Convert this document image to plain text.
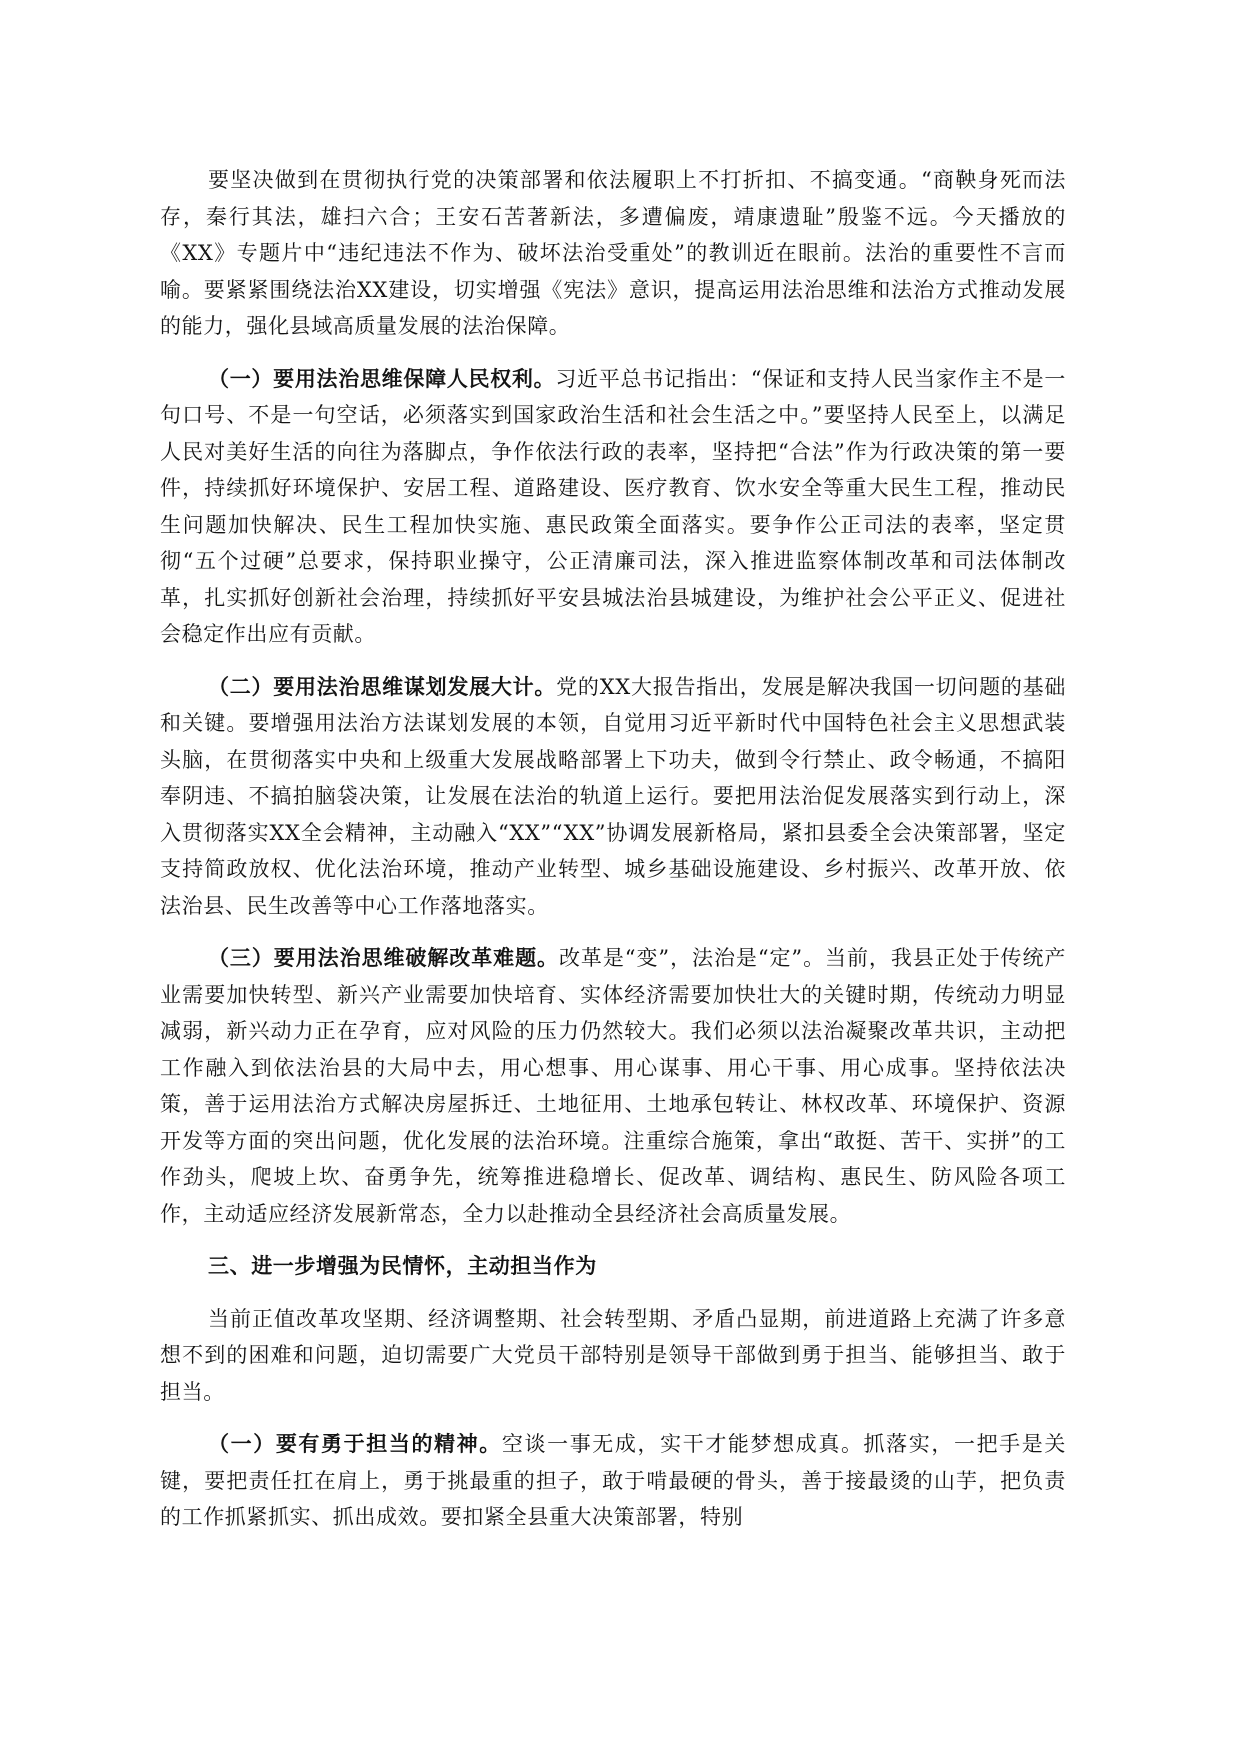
要坚决做到在贯彻执行党的决策部署和依法履职上不打折扣、不搞变通。“商鞅身死而法存，秦行其法，雄扫六合；王安石苦著新法，多遭偏废，靖康遗耻”殷鉴不远。今天播放的《XX》专题片中“违纪违法不作为、破坏法治受重处”的教训近在眼前。法治的重要性不言而喻。要紧紧围绕法治XX建设，切实增强《宪法》意识，提高运用法治思维和法治方式推动发展的能力，强化县域高质量发展的法治保障。

（一）要用法治思维保障人民权利。习近平总书记指出：“保证和支持人民当家作主不是一句口号、不是一句空话，必须落实到国家政治生活和社会生活之中。”要坚持人民至上，以满足人民对美好生活的向往为落脚点，争作依法行政的表率，坚持把“合法”作为行政决策的第一要件，持续抓好环境保护、安居工程、道路建设、医疗教育、饮水安全等重大民生工程，推动民生问题加快解决、民生工程加快实施、惠民政策全面落实。要争作公正司法的表率，坚定贯彻“五个过硬”总要求，保持职业操守，公正清廉司法，深入推进监察体制改革和司法体制改革，扎实抓好创新社会治理，持续抓好平安县城法治县城建设，为维护社会公平正义、促进社会稳定作出应有贡献。

（二）要用法治思维谋划发展大计。党的XX大报告指出，发展是解决我国一切问题的基础和关键。要增强用法治方法谋划发展的本领，自觉用习近平新时代中国特色社会主义思想武装头脑，在贯彻落实中央和上级重大发展战略部署上下功夫，做到令行禁止、政令畅通，不搞阳奉阴违、不搞拍脑袋决策，让发展在法治的轨道上运行。要把用法治促发展落实到行动上，深入贯彻落实XX全会精神，主动融入“XX”“XX”协调发展新格局，紧扣县委全会决策部署，坚定支持简政放权、优化法治环境，推动产业转型、城乡基础设施建设、乡村振兴、改革开放、依法治县、民生改善等中心工作落地落实。

（三）要用法治思维破解改革难题。改革是“变”，法治是“定”。当前，我县正处于传统产业需要加快转型、新兴产业需要加快培育、实体经济需要加快壮大的关键时期，传统动力明显减弱，新兴动力正在孕育，应对风险的压力仍然较大。我们必须以法治凝聚改革共识，主动把工作融入到依法治县的大局中去，用心想事、用心谋事、用心干事、用心成事。坚持依法决策，善于运用法治方式解决房屋拆迁、土地征用、土地承包转让、林权改革、环境保护、资源开发等方面的突出问题，优化发展的法治环境。注重综合施策，拿出“敢挺、苦干、实拼”的工作劲头，爬坡上坎、奋勇争先，统筹推进稳增长、促改革、调结构、惠民生、防风险各项工作，主动适应经济发展新常态，全力以赴推动全县经济社会高质量发展。

三、进一步增强为民情怀，主动担当作为

当前正值改革攻坚期、经济调整期、社会转型期、矛盾凸显期，前进道路上充满了许多意想不到的困难和问题，迫切需要广大党员干部特别是领导干部做到勇于担当、能够担当、敢于担当。

（一）要有勇于担当的精神。空谈一事无成，实干才能梦想成真。抓落实，一把手是关键，要把责任扛在肩上，勇于挑最重的担子，敢于啃最硬的骨头，善于接最烫的山芋，把负责的工作抓紧抓实、抓出成效。要扣紧全县重大决策部署，特别
